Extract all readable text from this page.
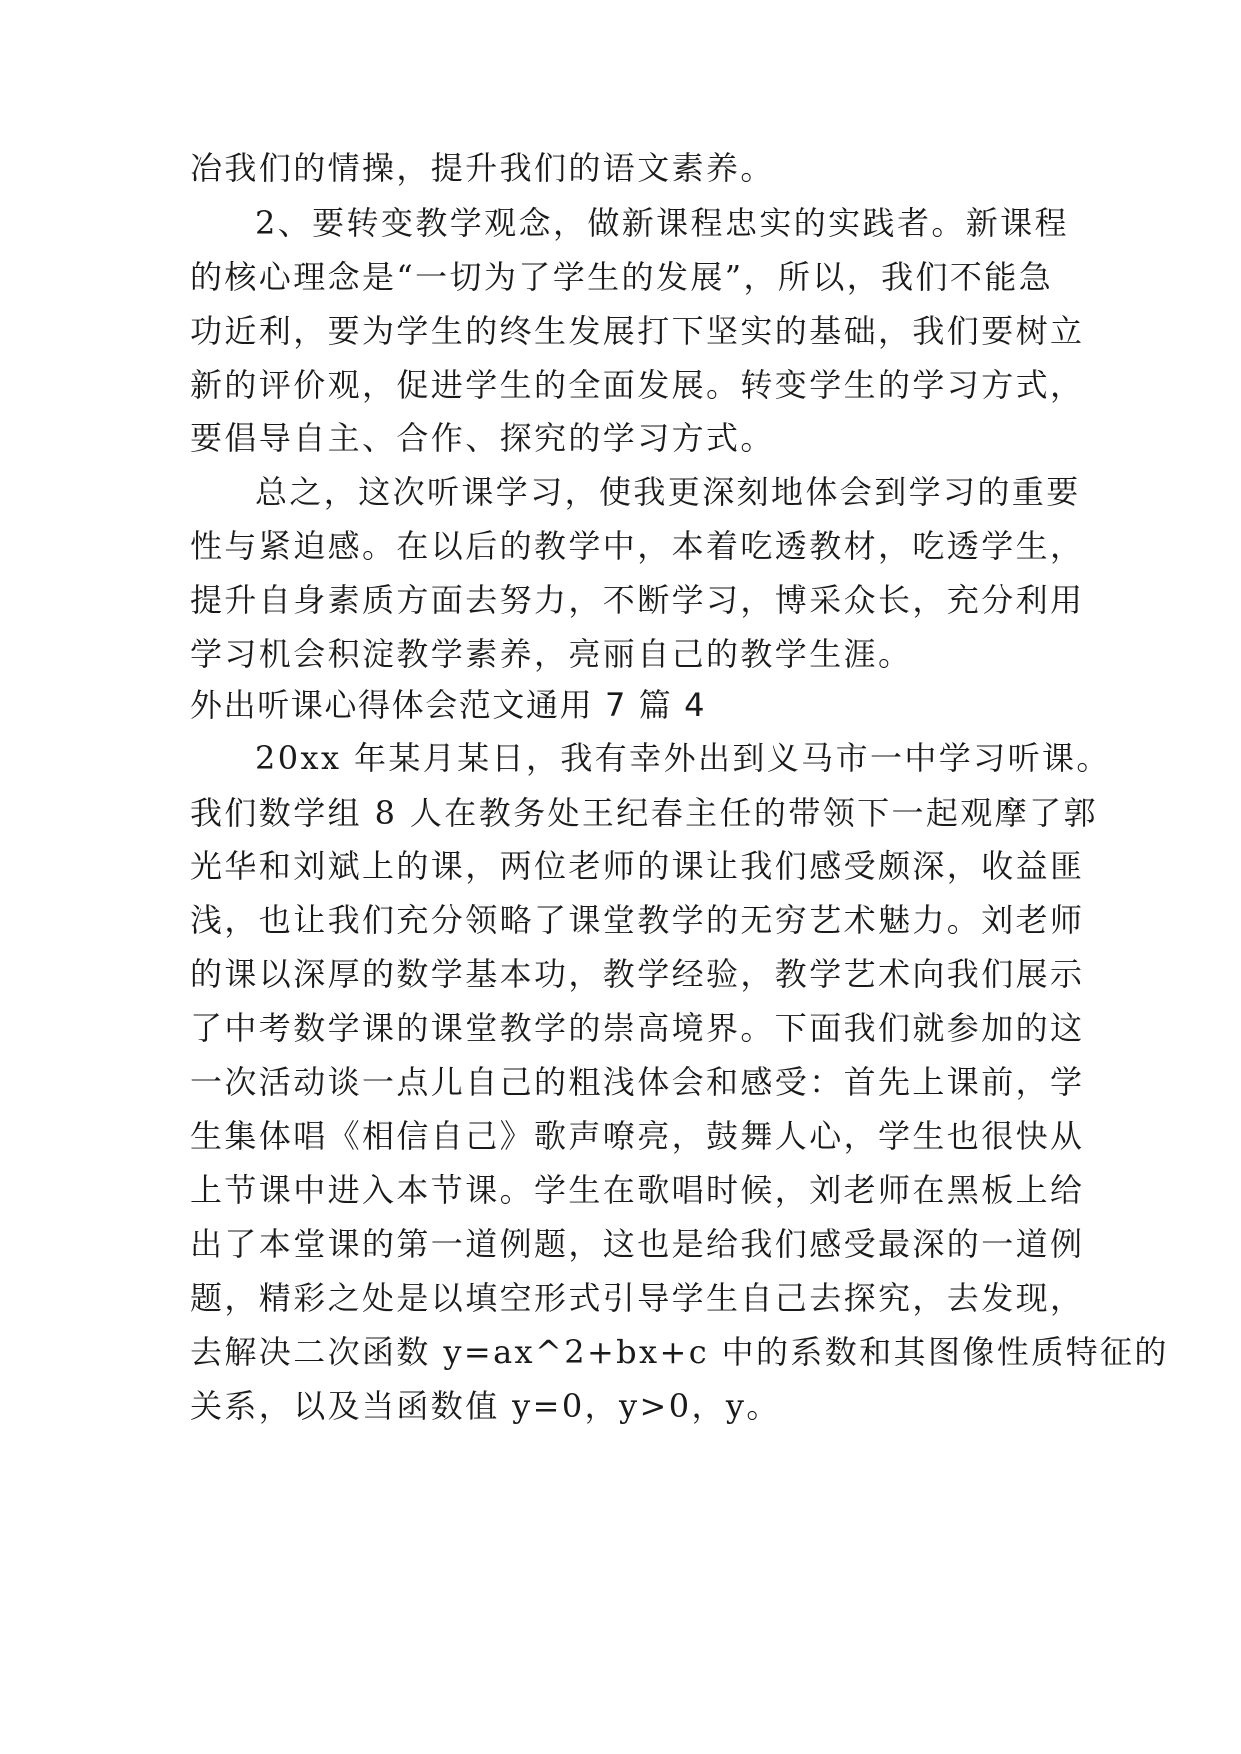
冶我们的情操，提升我们的语文素养。

2、要转变教学观念，做新课程忠实的实践者。新课程

的核心理念是“一切为了学生的发展”，所以，我们不能急

功近利，要为学生的终生发展打下坚实的基础，我们要树立

新的评价观，促进学生的全面发展。转变学生的学习方式，

要倡导自主、合作、探究的学习方式。

总之，这次听课学习，使我更深刻地体会到学习的重要

性与紧迫感。在以后的教学中，本着吃透教材，吃透学生，

提升自身素质方面去努力，不断学习，博采众长，充分利用

学习机会积淀教学素养，亮丽自己的教学生涯。

外出听课心得体会范文通用 7 篇 4

20xx 年某月某日，我有幸外出到义马市一中学习听课。

我们数学组 8 人在教务处王纪春主任的带领下一起观摩了郭

光华和刘斌上的课，两位老师的课让我们感受颇深，收益匪

浅，也让我们充分领略了课堂教学的无穷艺术魅力。刘老师

的课以深厚的数学基本功，教学经验，教学艺术向我们展示

了中考数学课的课堂教学的崇高境界。下面我们就参加的这

一次活动谈一点儿自己的粗浅体会和感受：首先上课前，学

生集体唱《相信自己》歌声嘹亮，鼓舞人心，学生也很快从

上节课中进入本节课。学生在歌唱时候，刘老师在黑板上给

出了本堂课的第一道例题，这也是给我们感受最深的一道例

题，精彩之处是以填空形式引导学生自己去探究，去发现，

去解决二次函数 y=ax^2+bx+c 中的系数和其图像性质特征的

关系，以及当函数值 y=0，y>0，y。
